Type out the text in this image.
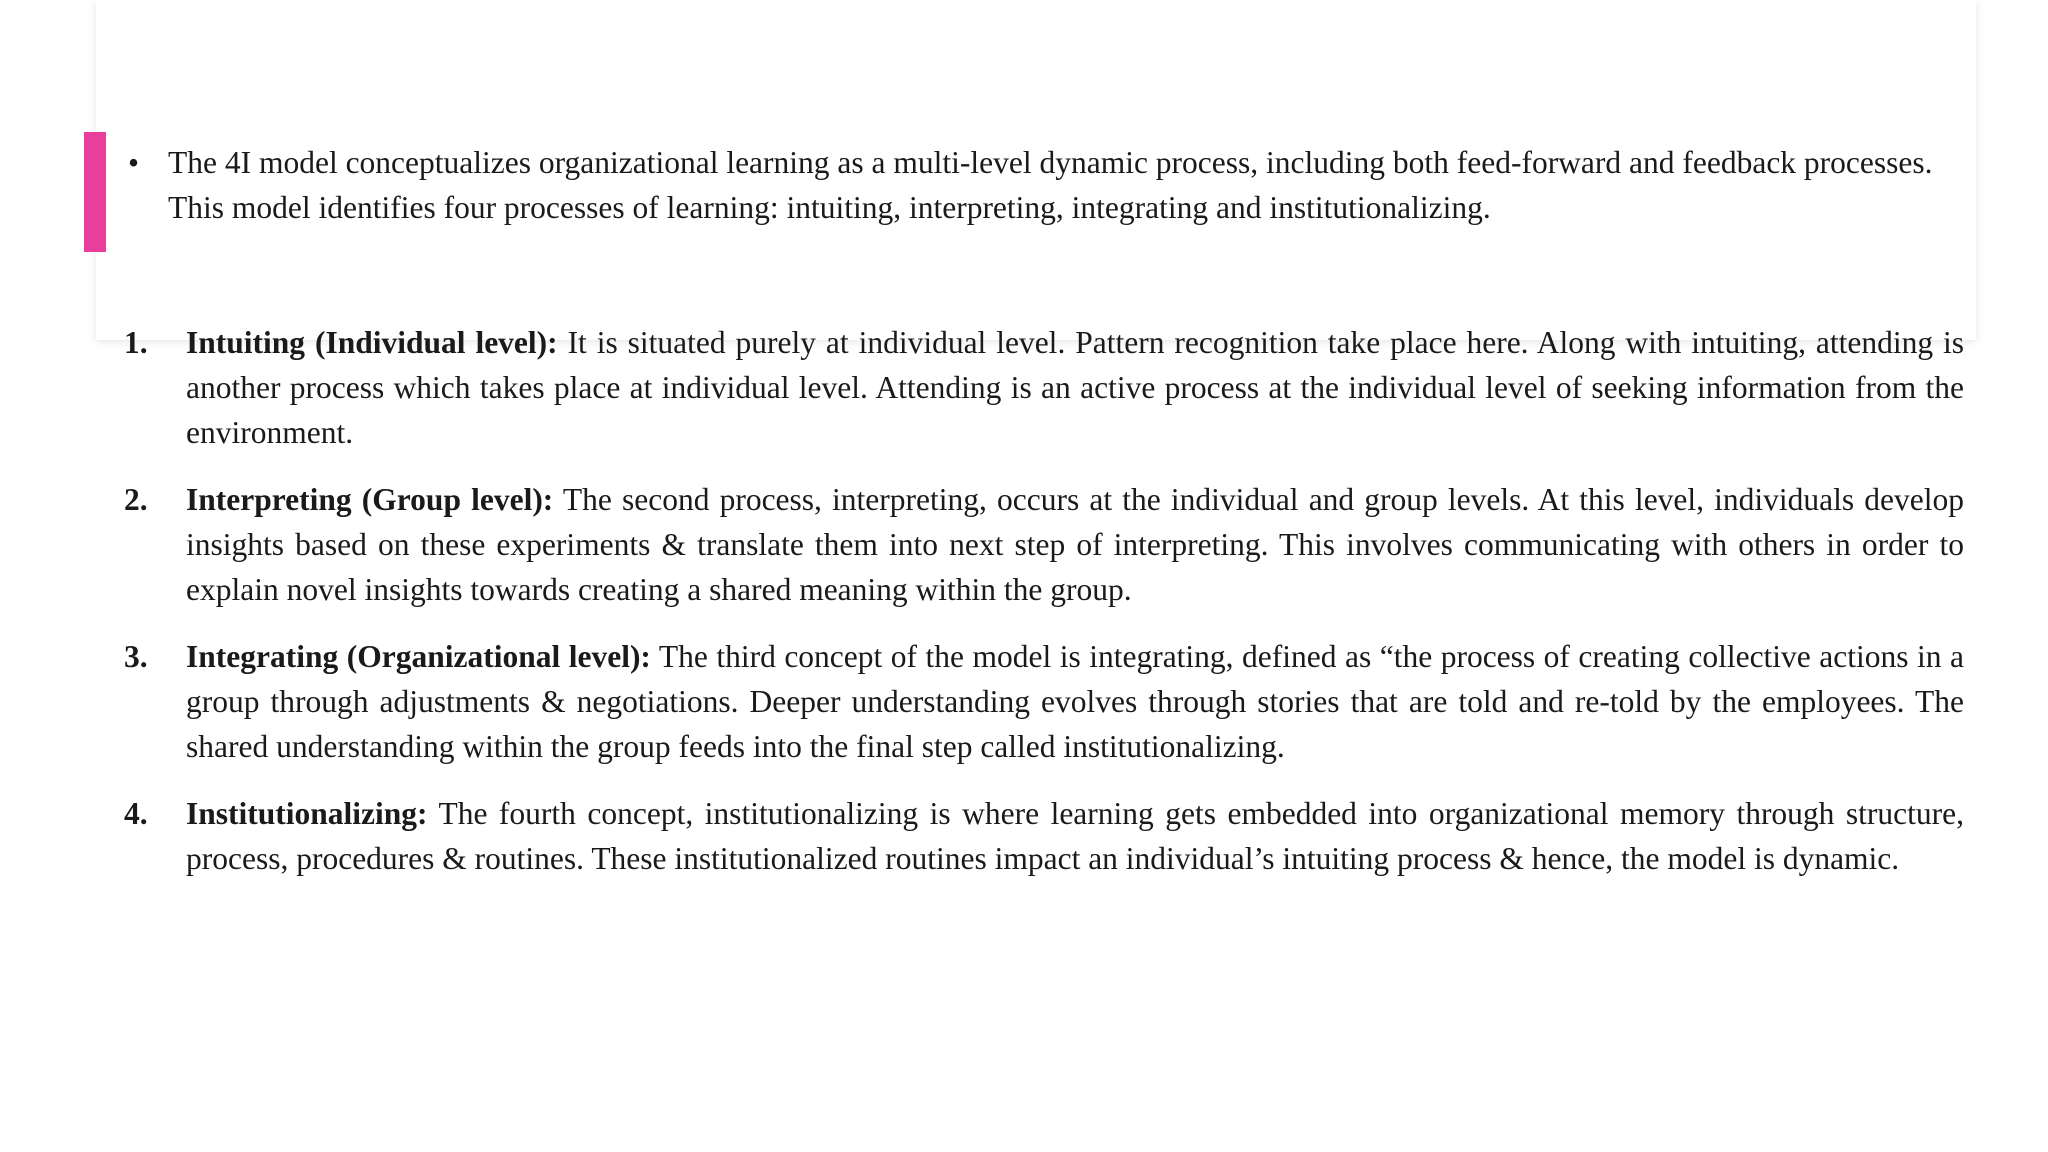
• The 4I model conceptualizes organizational learning as a multi-level dynamic process, including both feed-forward and feedback processes. This model identifies four processes of learning: intuiting, interpreting, integrating and institutionalizing.
1.	Intuiting (Individual level): It is situated purely at individual level. Pattern recognition take place here. Along with intuiting, attending is another process which takes place at individual level. Attending is an active process at the individual level of seeking information from the environment.
2.	Interpreting (Group level): The second process, interpreting, occurs at the individual and group levels. At this level, individuals develop insights based on these experiments & translate them into next step of interpreting. This involves communicating with others in order to explain novel insights towards creating a shared meaning within the group.
3.	Integrating (Organizational level): The third concept of the model is integrating, defined as “the process of creating collective actions in a group through adjustments & negotiations. Deeper understanding evolves through stories that are told and re-told by the employees. The shared understanding within the group feeds into the final step called institutionalizing.
4.	Institutionalizing: The fourth concept, institutionalizing is where learning gets embedded into organizational memory through structure, process, procedures & routines. These institutionalized routines impact an individual’s intuiting process & hence, the model is dynamic.
